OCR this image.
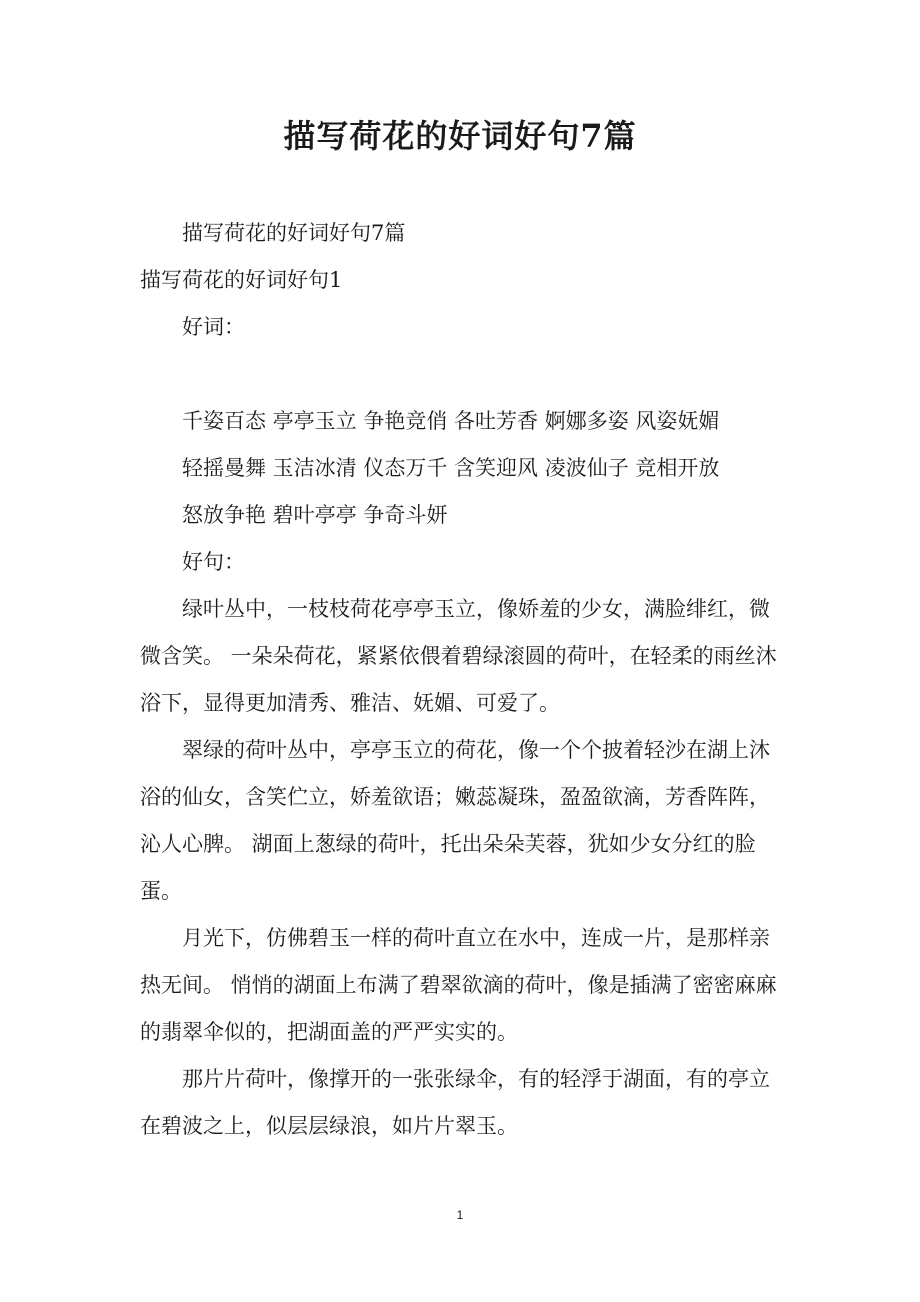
描写荷花的好词好句7篇

描写荷花的好词好句7篇

描写荷花的好词好句1

好词：

千姿百态 亭亭玉立 争艳竞俏 各吐芳香 婀娜多姿 风姿妩媚

轻摇曼舞 玉洁冰清 仪态万千 含笑迎风 凌波仙子 竞相开放

怒放争艳 碧叶亭亭 争奇斗妍

好句：

绿叶丛中，一枝枝荷花亭亭玉立，像娇羞的少女，满脸绯红，微微含笑。 一朵朵荷花，紧紧依偎着碧绿滚圆的荷叶，在轻柔的雨丝沐浴下，显得更加清秀、雅洁、妩媚、可爱了。

翠绿的荷叶丛中，亭亭玉立的荷花，像一个个披着轻沙在湖上沐浴的仙女，含笑伫立，娇羞欲语；嫩蕊凝珠，盈盈欲滴，芳香阵阵，沁人心脾。 湖面上葱绿的荷叶，托出朵朵芙蓉，犹如少女分红的脸蛋。

月光下，仿佛碧玉一样的荷叶直立在水中，连成一片，是那样亲热无间。 悄悄的湖面上布满了碧翠欲滴的荷叶，像是插满了密密麻麻的翡翠伞似的，把湖面盖的严严实实的。

那片片荷叶，像撑开的一张张绿伞，有的轻浮于湖面，有的亭立在碧波之上，似层层绿浪，如片片翠玉。

1
